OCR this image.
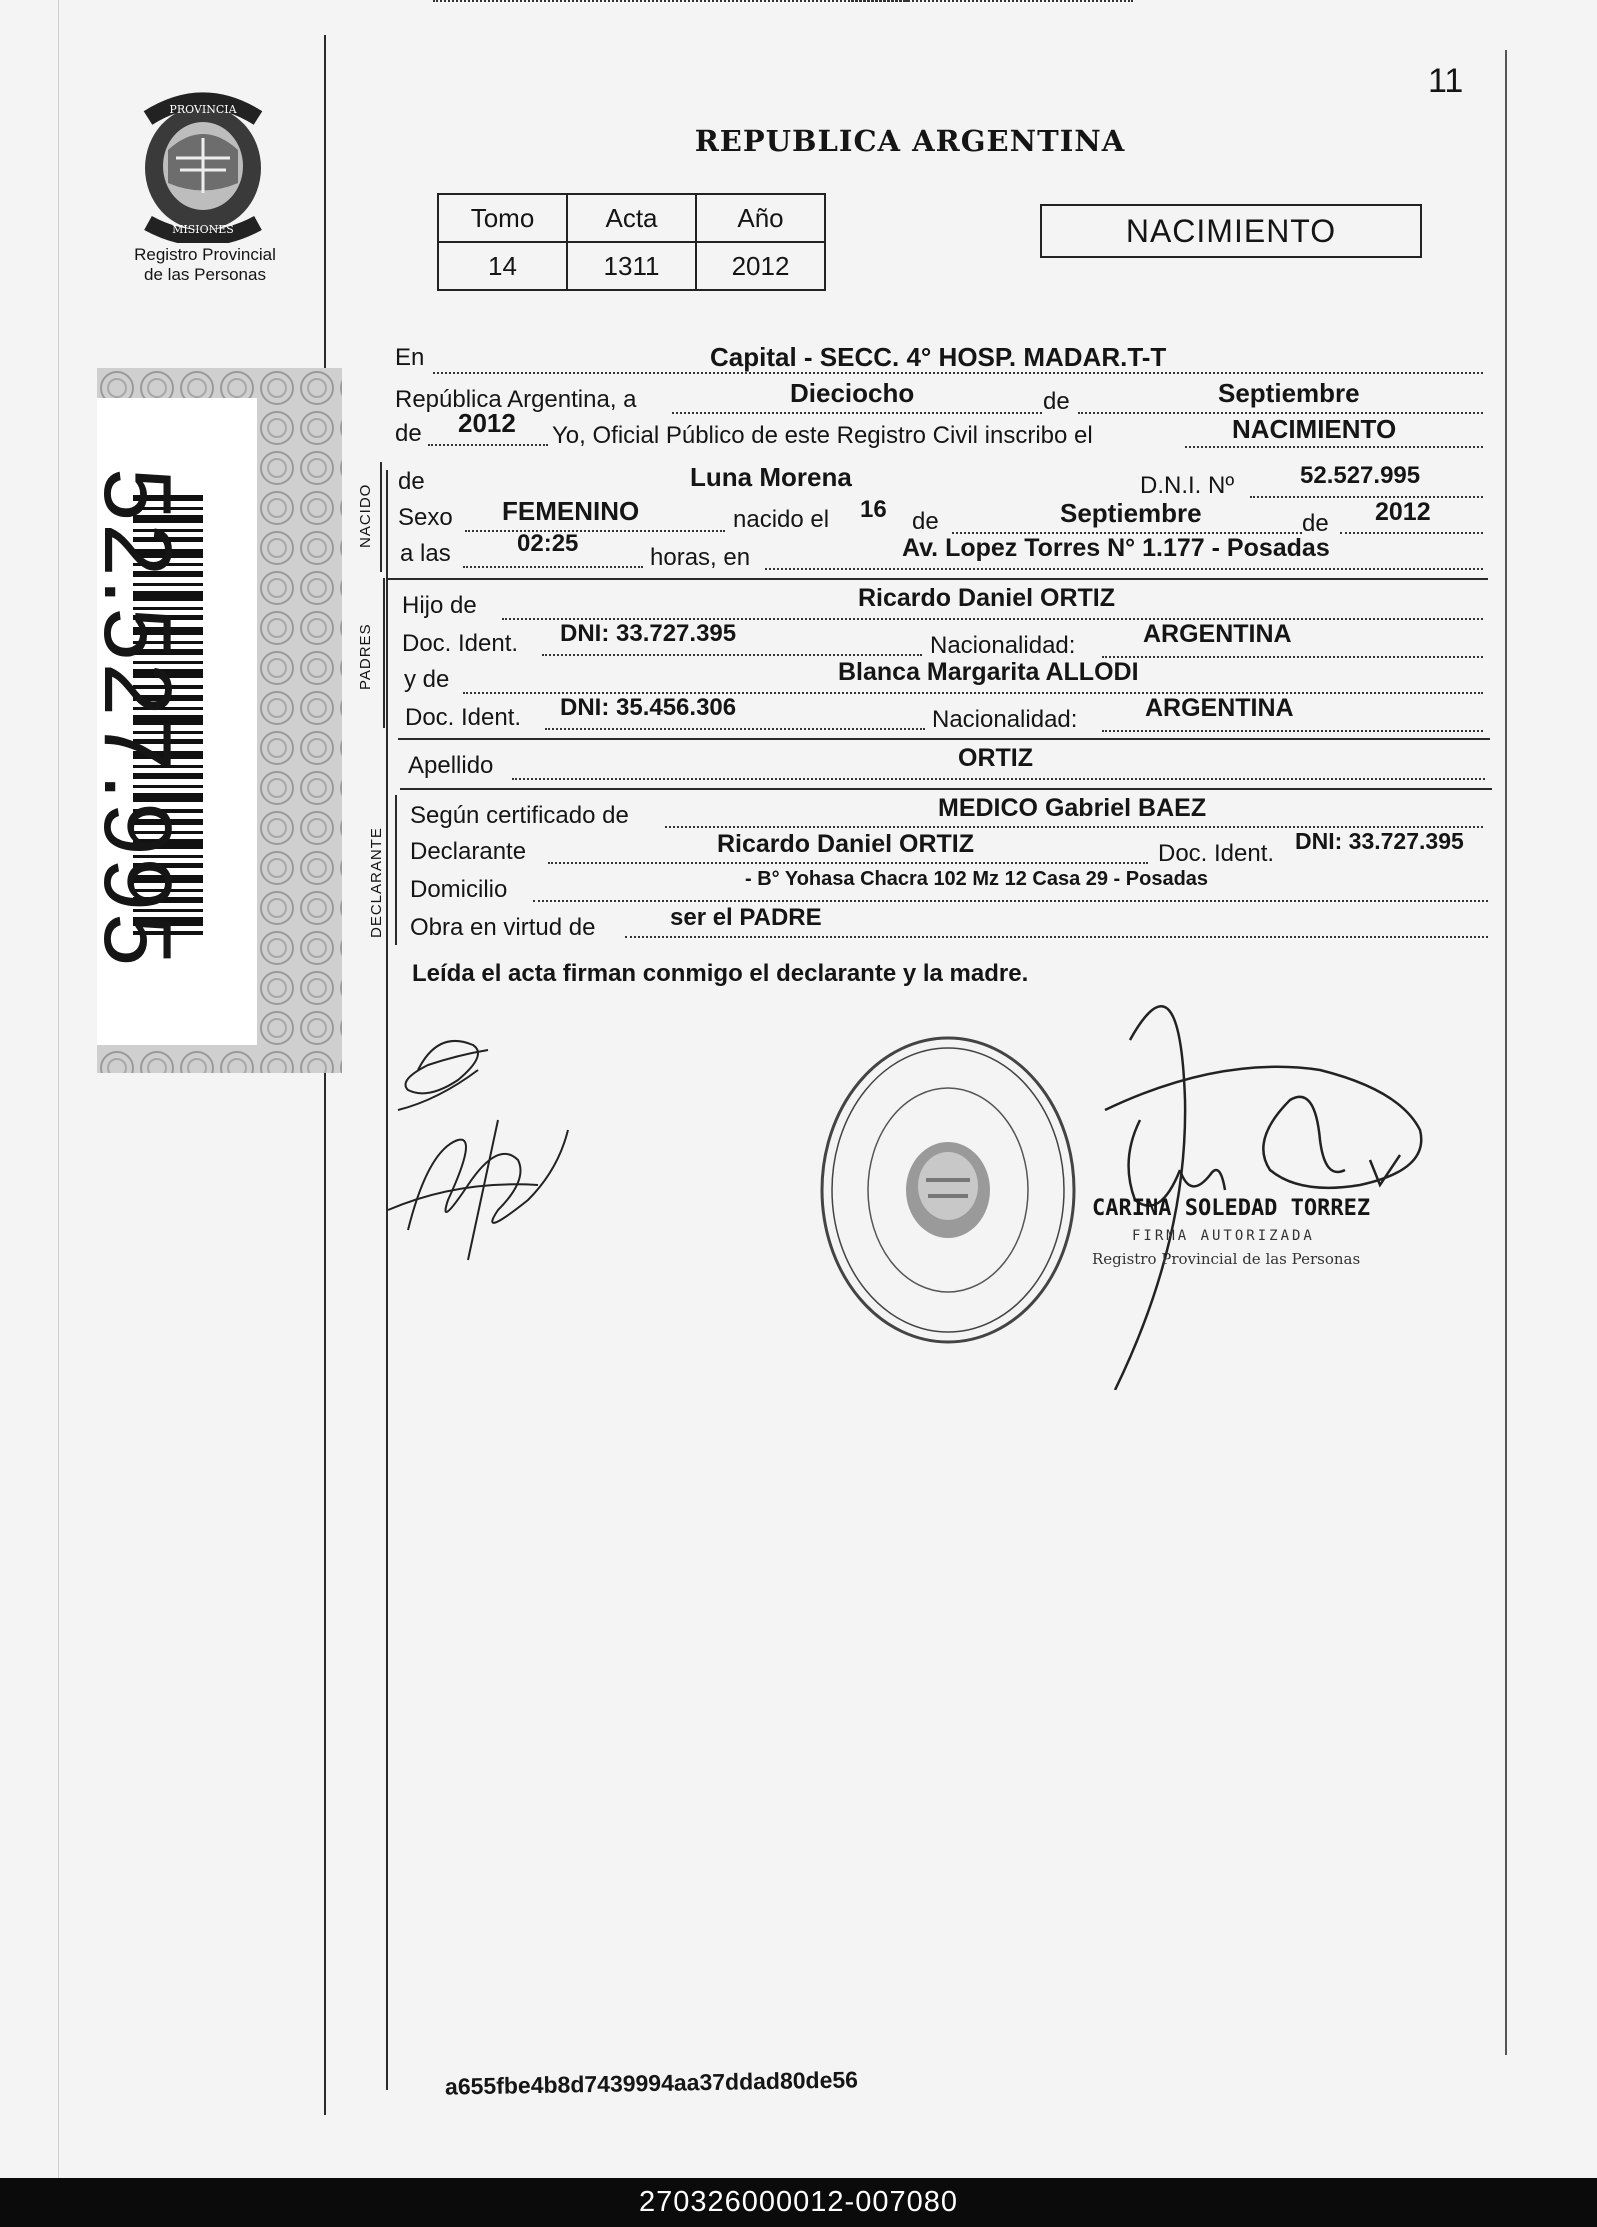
11
PROVINCIA
MISIONES
Registro Provincial
de las Personas
REPUBLICA ARGENTINA
Tomo	Acta	Año
14	1311	2012
NACIMIENTO
52.527.995	NACIDO
PADRES
DECLARANTE
En	Capital - SECC. 4° HOSP. MADAR.T-T
República Argentina, a	Dieciocho	de	Septiembre
de 2012 Yo, Oficial Público de este Registro Civil inscribo el	NACIMIENTO
de	Luna Morena	D.N.I. Nº	52.527.995
Sexo FEMENINO	nacido el 16 de	Septiembre	de 2012
a las	02:25
horas, en	Av. Lopez Torres N° 1.177 - Posadas
Hijo de	Ricardo Daniel ORTIZ
Doc. Ident. DNI: 33.727.395	Nacionalidad:	ARGENTINA
y de	Blanca Margarita ALLODI
Doc. Ident. DNI: 35.456.306	Nacionalidad:	ARGENTINA
Apellido	ORTIZ
Según certificado de	MEDICO Gabriel BAEZ
Declarante	Ricardo Daniel ORTIZ	Doc. Ident. DNI: 33.727.395
Domicilio	- B° Yohasa Chacra 102 Mz 12 Casa 29 - Posadas
Obra en virtud de	ser el PADRE
Leída el acta firman conmigo el declarante y la madre.
CARINA SOLEDAD TORREZ
FIRMA AUTORIZADA
Registro Provincial de las Personas
a655fbe4b8d7439994aa37ddad80de56
270326000012-007080
